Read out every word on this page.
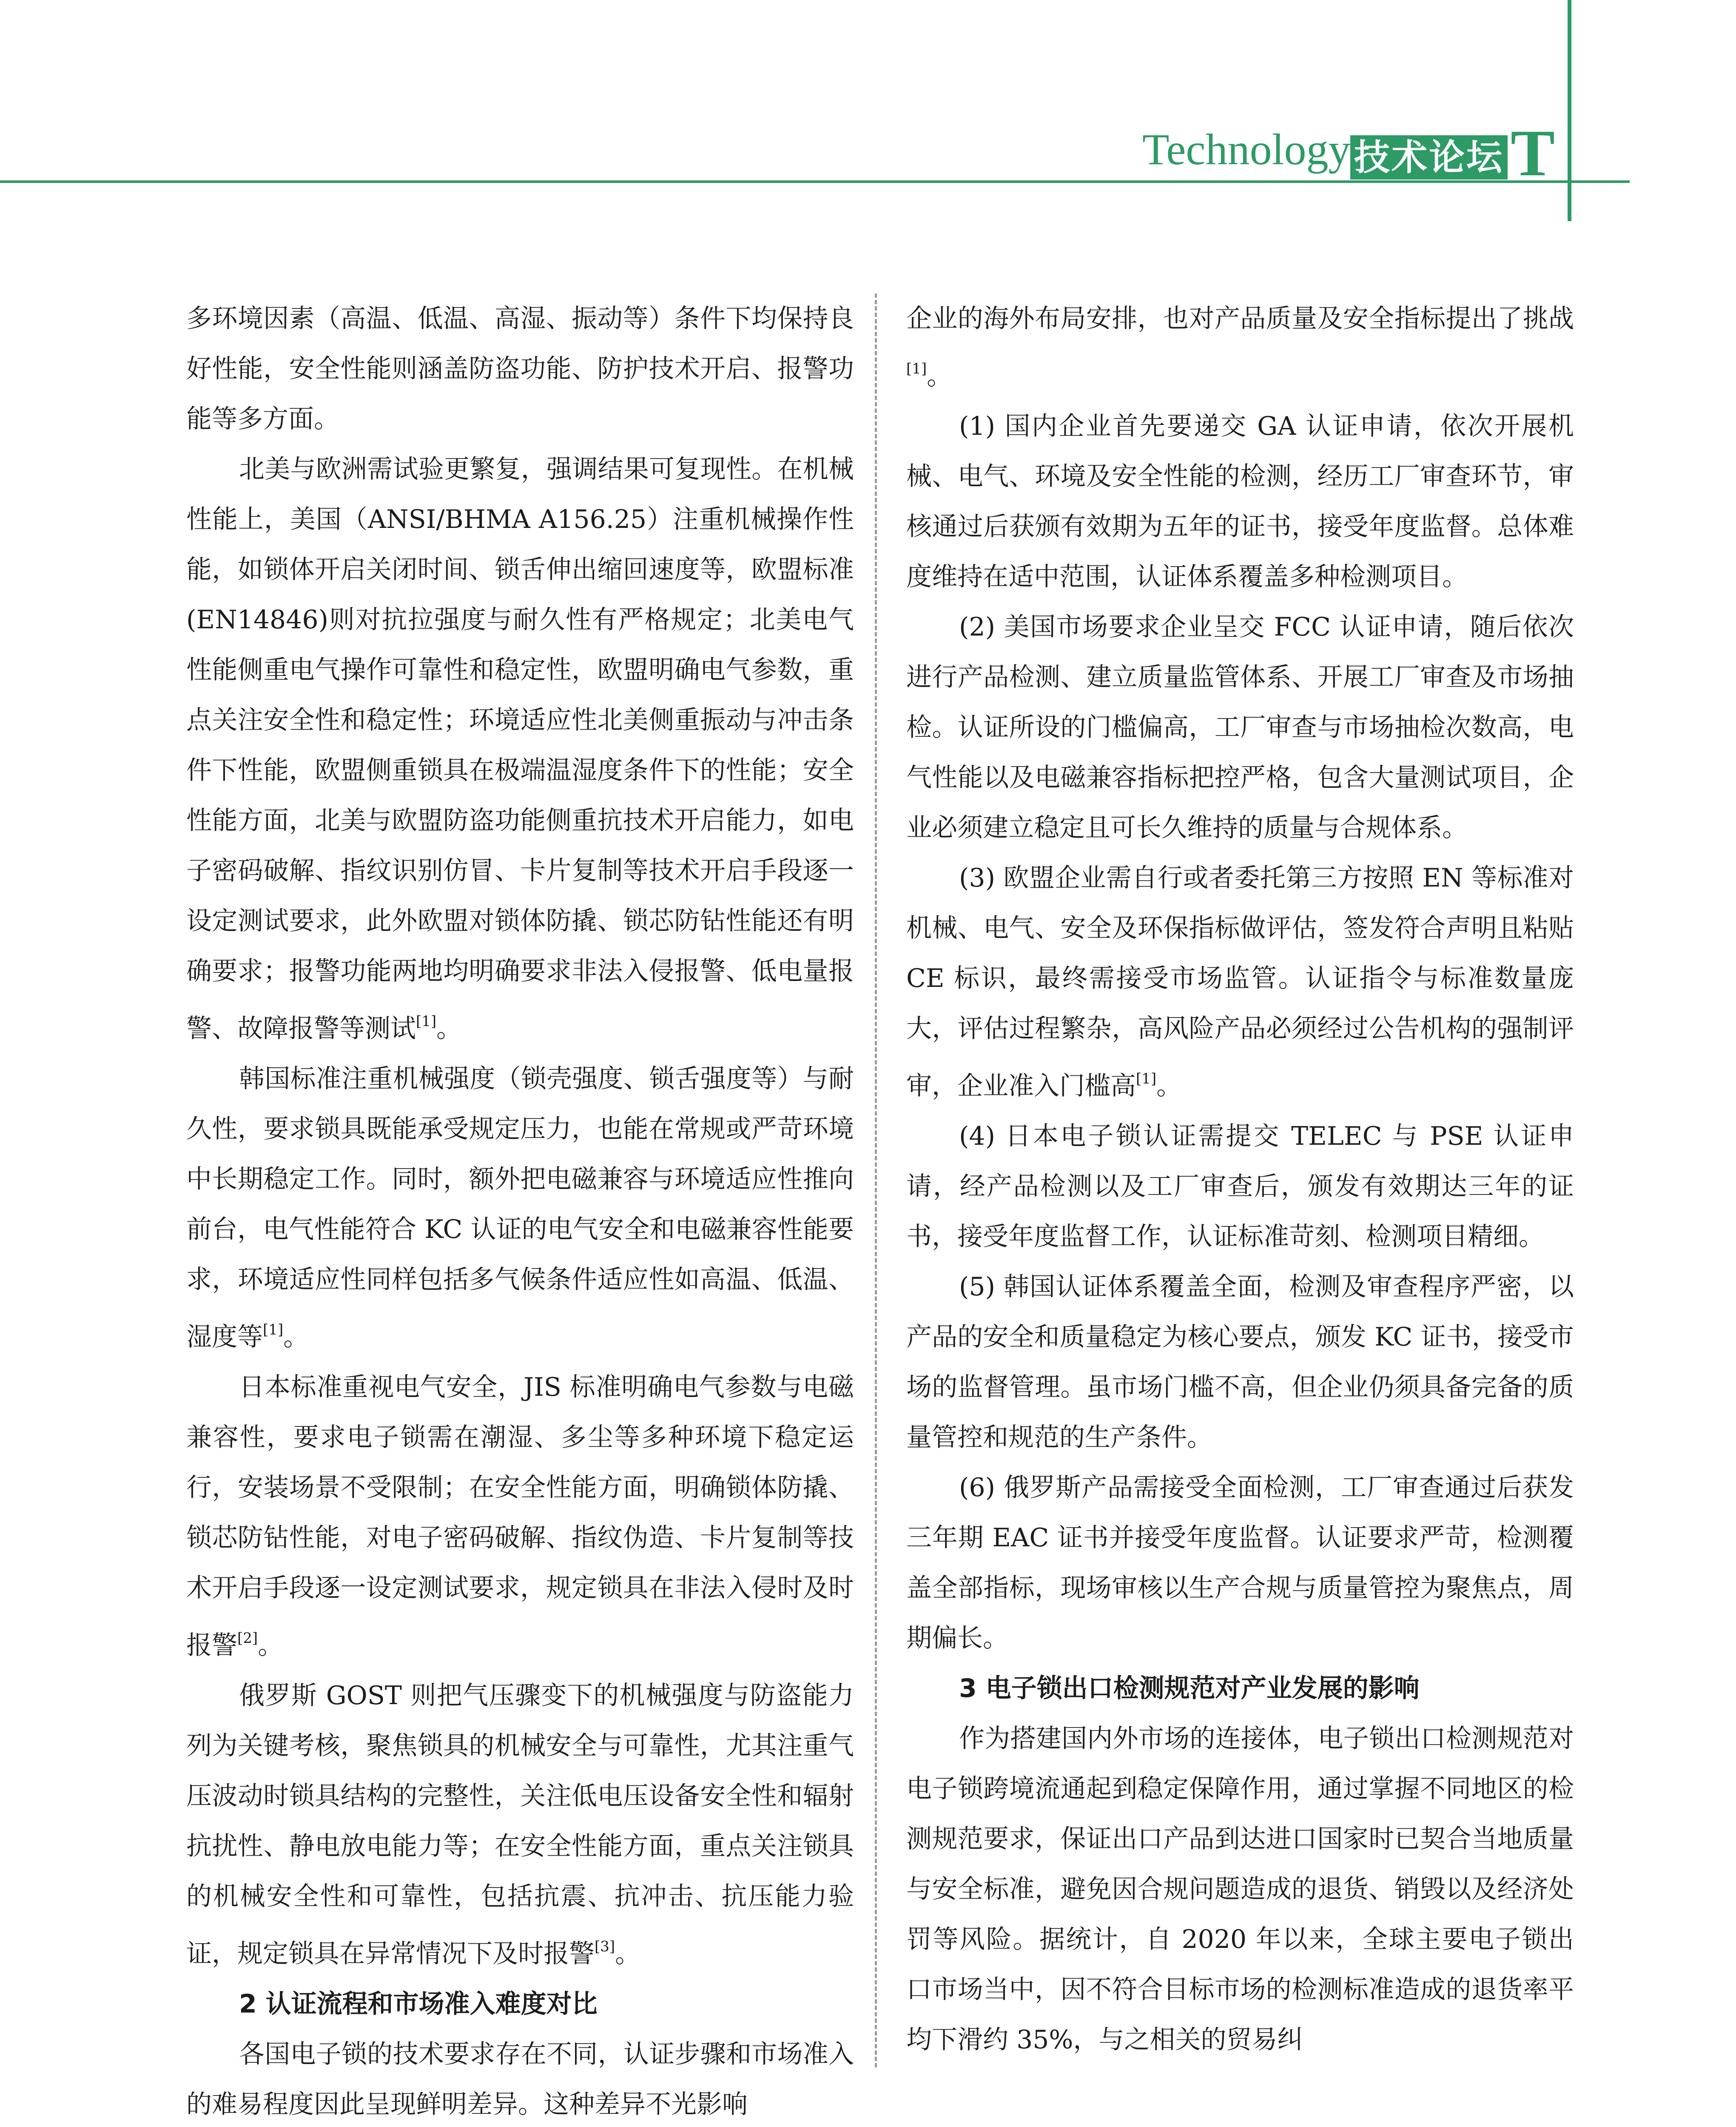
Technology 技术论坛 T

多环境因素（高温、低温、高湿、振动等）条件下均保持良好性能，安全性能则涵盖防盗功能、防护技术开启、报警功能等多方面。

北美与欧洲需试验更繁复，强调结果可复现性。在机械性能上，美国（ANSI/BHMA A156.25）注重机械操作性能，如锁体开启关闭时间、锁舌伸出缩回速度等，欧盟标准(EN14846)则对抗拉强度与耐久性有严格规定；北美电气性能侧重电气操作可靠性和稳定性，欧盟明确电气参数，重点关注安全性和稳定性；环境适应性北美侧重振动与冲击条件下性能，欧盟侧重锁具在极端温湿度条件下的性能；安全性能方面，北美与欧盟防盗功能侧重抗技术开启能力，如电子密码破解、指纹识别仿冒、卡片复制等技术开启手段逐一设定测试要求，此外欧盟对锁体防撬、锁芯防钻性能还有明确要求；报警功能两地均明确要求非法入侵报警、低电量报警、故障报警等测试[1]。

韩国标准注重机械强度（锁壳强度、锁舌强度等）与耐久性，要求锁具既能承受规定压力，也能在常规或严苛环境中长期稳定工作。同时，额外把电磁兼容与环境适应性推向前台，电气性能符合 KC 认证的电气安全和电磁兼容性能要求，环境适应性同样包括多气候条件适应性如高温、低温、湿度等[1]。

日本标准重视电气安全，JIS 标准明确电气参数与电磁兼容性，要求电子锁需在潮湿、多尘等多种环境下稳定运行，安装场景不受限制；在安全性能方面，明确锁体防撬、锁芯防钻性能，对电子密码破解、指纹伪造、卡片复制等技术开启手段逐一设定测试要求，规定锁具在非法入侵时及时报警[2]。

俄罗斯 GOST 则把气压骤变下的机械强度与防盗能力列为关键考核，聚焦锁具的机械安全与可靠性，尤其注重气压波动时锁具结构的完整性，关注低电压设备安全性和辐射抗扰性、静电放电能力等；在安全性能方面，重点关注锁具的机械安全性和可靠性，包括抗震、抗冲击、抗压能力验证，规定锁具在异常情况下及时报警[3]。

2 认证流程和市场准入难度对比

各国电子锁的技术要求存在不同，认证步骤和市场准入的难易程度因此呈现鲜明差异。这种差异不光影响

企业的海外布局安排，也对产品质量及安全指标提出了挑战[1]。

(1) 国内企业首先要递交 GA 认证申请，依次开展机械、电气、环境及安全性能的检测，经历工厂审查环节，审核通过后获颁有效期为五年的证书，接受年度监督。总体难度维持在适中范围，认证体系覆盖多种检测项目。

(2) 美国市场要求企业呈交 FCC 认证申请，随后依次进行产品检测、建立质量监管体系、开展工厂审查及市场抽检。认证所设的门槛偏高，工厂审查与市场抽检次数高，电气性能以及电磁兼容指标把控严格，包含大量测试项目，企业必须建立稳定且可长久维持的质量与合规体系。

(3) 欧盟企业需自行或者委托第三方按照 EN 等标准对机械、电气、安全及环保指标做评估，签发符合声明且粘贴 CE 标识，最终需接受市场监管。认证指令与标准数量庞大，评估过程繁杂，高风险产品必须经过公告机构的强制评审，企业准入门槛高[1]。

(4) 日本电子锁认证需提交 TELEC 与 PSE 认证申请，经产品检测以及工厂审查后，颁发有效期达三年的证书，接受年度监督工作，认证标准苛刻、检测项目精细。

(5) 韩国认证体系覆盖全面，检测及审查程序严密，以产品的安全和质量稳定为核心要点，颁发 KC 证书，接受市场的监督管理。虽市场门槛不高，但企业仍须具备完备的质量管控和规范的生产条件。

(6) 俄罗斯产品需接受全面检测，工厂审查通过后获发三年期 EAC 证书并接受年度监督。认证要求严苛，检测覆盖全部指标，现场审核以生产合规与质量管控为聚焦点，周期偏长。

3 电子锁出口检测规范对产业发展的影响

作为搭建国内外市场的连接体，电子锁出口检测规范对电子锁跨境流通起到稳定保障作用，通过掌握不同地区的检测规范要求，保证出口产品到达进口国家时已契合当地质量与安全标准，避免因合规问题造成的退货、销毁以及经济处罚等风险。据统计，自 2020 年以来，全球主要电子锁出口市场当中，因不符合目标市场的检测标准造成的退货率平均下滑约 35%，与之相关的贸易纠
